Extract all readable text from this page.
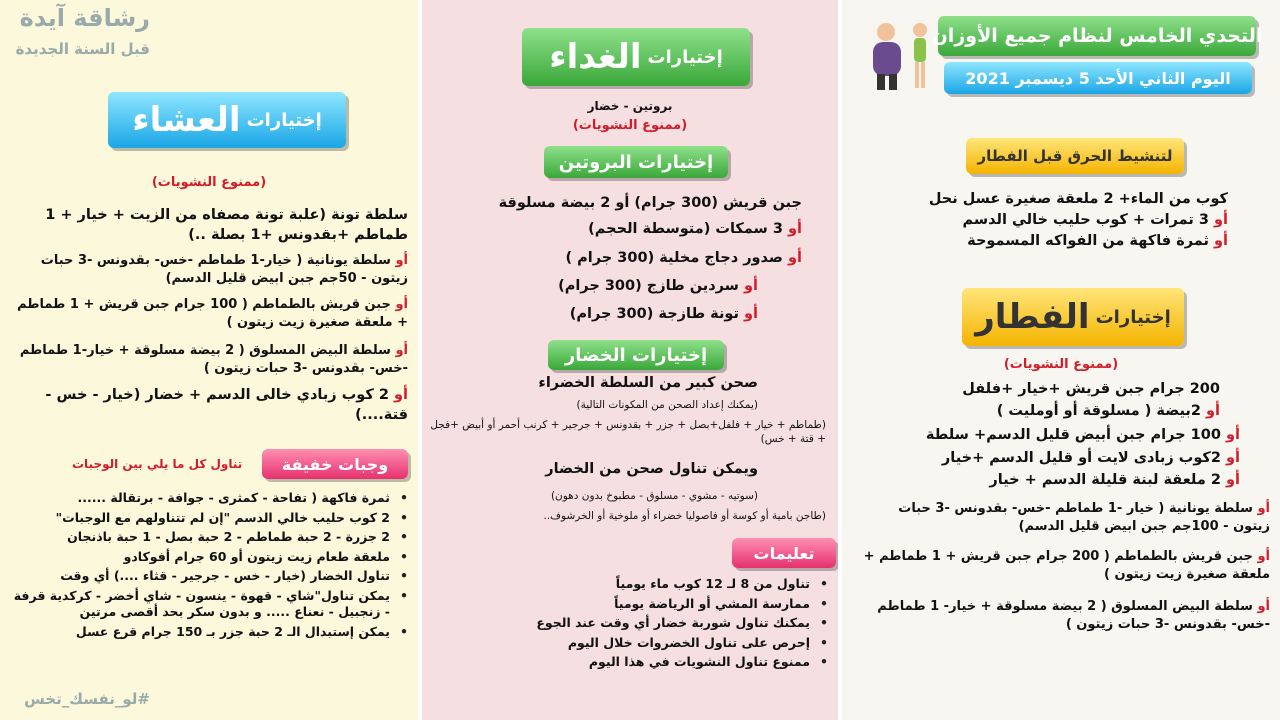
رشاقة آيدة
قبل السنة الجديدة
إختيارات
العشاء
(ممنوع النشويات)
سلطة تونة (علبة تونة مصفاه من الزيت + خيار + 1 طماطم +بقدونس +1 بصلة ..)
أو سلطة يونانية ( خيار-1 طماطم -خس- بقدونس -3 حبات زيتون - 50جم جبن ابيض قليل الدسم)
أو جبن قريش بالطماطم ( 100 جرام جبن قريش + 1 طماطم + ملعقة صغيرة زيت زيتون )
أو سلطة البيض المسلوق ( 2 بيضة مسلوقة + خيار-1 طماطم -خس- بقدونس -3 حبات زيتون )
أو 2 كوب زبادي خالى الدسم + خضار (خيار - خس - قتة....)
وجبات خفيفة
تناول كل ما يلي بين الوجبات
• ثمرة فاكهة ( تفاحة - كمثرى - جوافة - برتقالة ......
• 2 كوب حليب خالي الدسم "إن لم تتناولهم مع الوجبات"
• 2 جزرة - 2 حبة طماطم - 2 حبة بصل - 1 حبة باذنجان
• ملعقة طعام زيت زيتون أو 60 جرام أفوكادو
• تناول الخضار (خيار - خس - جرجير - قثاء ....) أي وقت
• يمكن تناول"شاي - قهوة - ينسون - شاي أخضر - كركدية قرفة - زنجبيل - نعناع ..... و بدون سكر بحد أقصى مرتين
• يمكن إستبدال الـ 2 حبة جزر بـ 150 جرام قرع عسل
#لو_نفسك_تخس
إختيارات
الغداء
بروتين - خضار
(ممنوع النشويات)
إختيارات البروتين
جبن قريش (300 جرام) أو 2 بيضة مسلوقة
أو 3 سمكات (متوسطة الحجم)
أو صدور دجاج مخلية (300 جرام )
أو سردين طازج (300 جرام)
أو تونة طازجة (300 جرام)
إختيارات الخضار
صحن كبير من السلطة الخضراء
(يمكنك إعداد الصحن من المكونات التالية)
(طماطم + خيار + فلفل+بصل + جزر + بقدونس + جرجير + كرنب أحمر أو أبيض +فجل + قتة + خس)
ويمكن تناول صحن من الخضار
(سوتيه - مشوي - مسلوق - مطبوخ بدون دهون)
(طاجن بامية أو كوسة أو فاصوليا خضراء أو ملوخية أو الخرشوف..
تعليمات
• تناول من 8 لـ 12 كوب ماء يومياً
• ممارسة المشي أو الرياضة يومياً
• يمكنك تناول شوربة خضار أي وقت عند الجوع
• إحرص على تناول الخضروات خلال اليوم
• ممنوع تناول النشويات في هذا اليوم
التحدي الخامس لنظام جميع الأوزان
اليوم الثاني الأحد 5 ديسمبر 2021
لتنشيط الحرق قبل الفطار
كوب من الماء+ 2 ملعقة صغيرة عسل نحل
أو 3 تمرات + كوب حليب خالي الدسم
أو ثمرة فاكهة من الفواكه المسموحة
إختيارات
الفطار
(ممنوع النشويات)
200 جرام جبن قريش +خيار +فلفل
أو 2بيضة ( مسلوقة أو أومليت )
أو 100 جرام جبن أبيض قليل الدسم+ سلطة
أو 2كوب زبادى لايت أو قليل الدسم +خيار
أو 2 ملعقة لبنة قليلة الدسم + خيار
أو سلطة يونانية ( خيار -1 طماطم -خس- بقدونس -3 حبات زيتون - 100جم جبن ابيض قليل الدسم)
أو جبن قريش بالطماطم ( 200 جرام جبن قريش + 1 طماطم + ملعقة صغيرة زيت زيتون )
أو سلطة البيض المسلوق ( 2 بيضة مسلوقة + خيار- 1 طماطم -خس- بقدونس -3 حبات زيتون )
